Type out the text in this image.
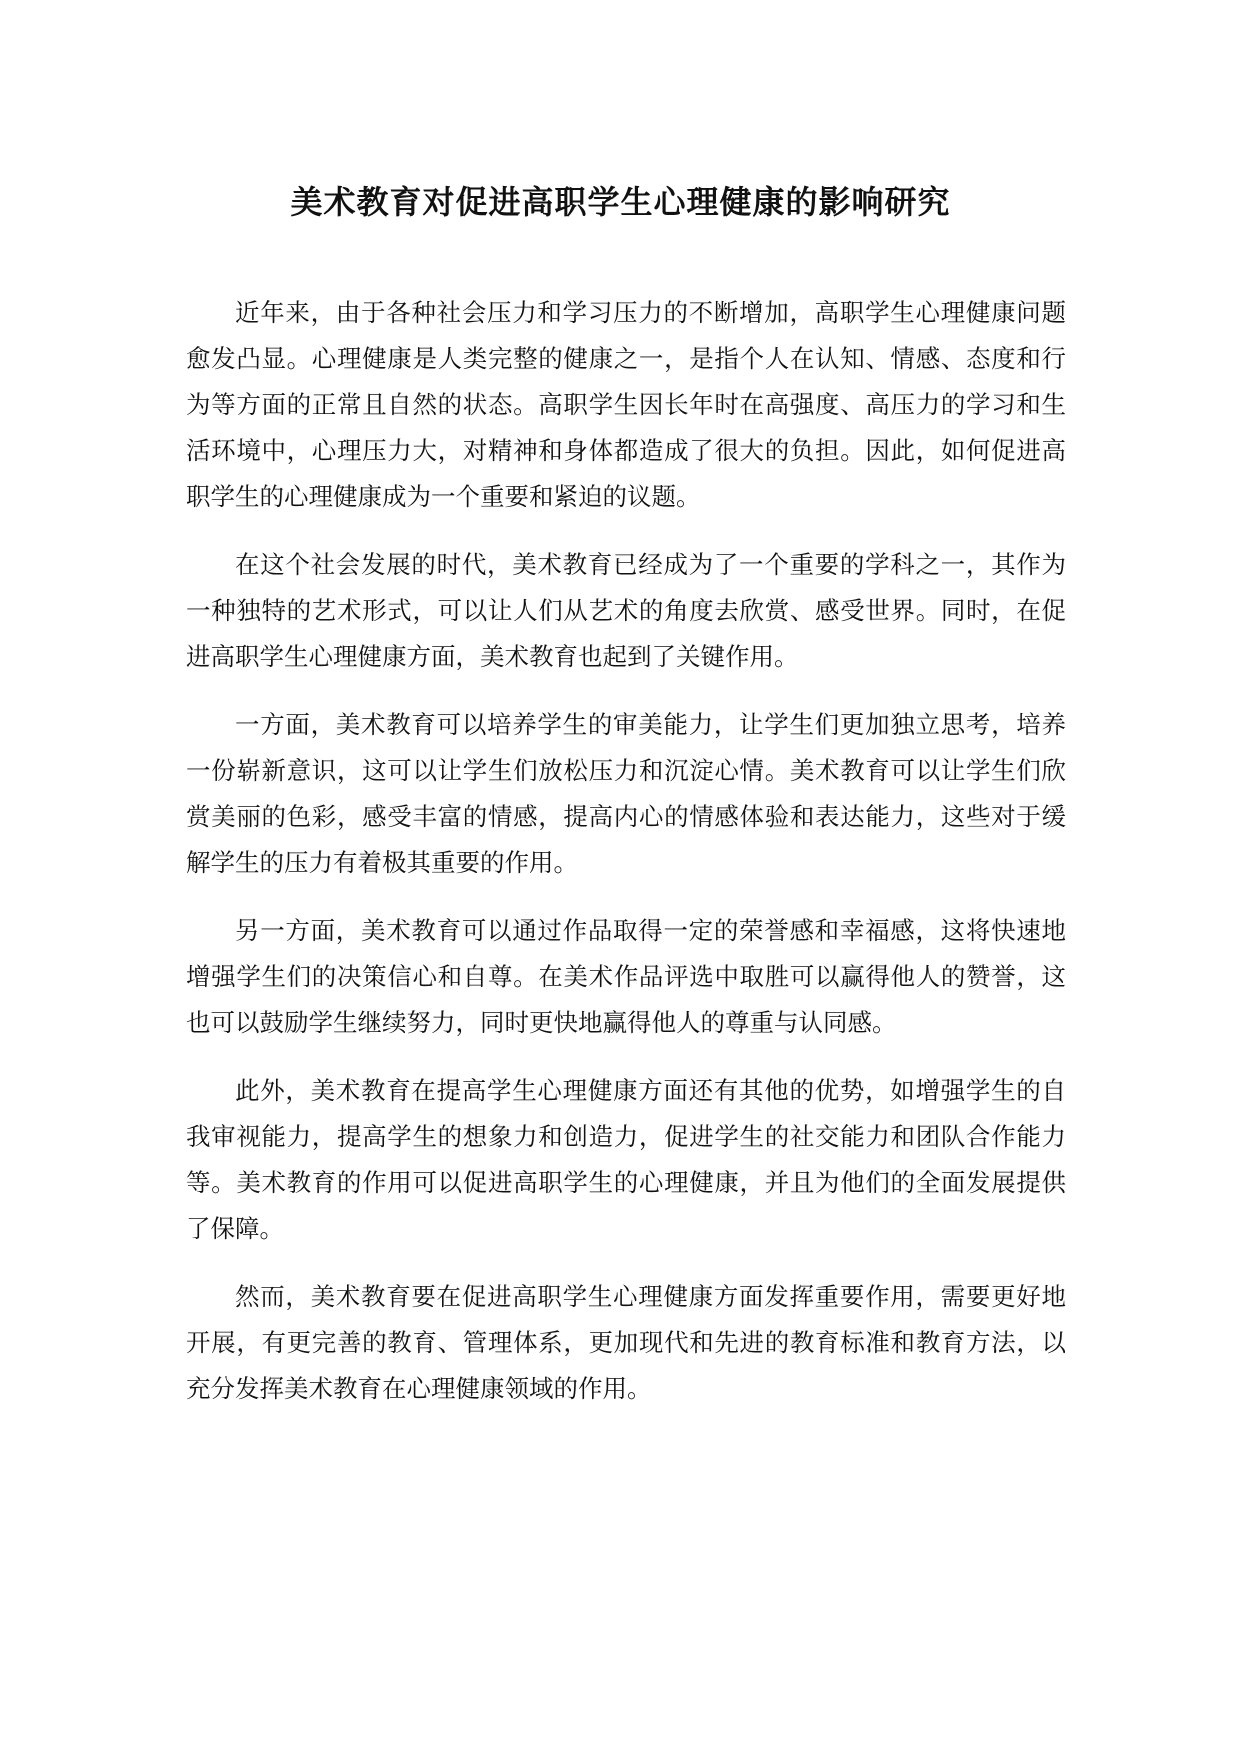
美术教育对促进高职学生心理健康的影响研究

近年来，由于各种社会压力和学习压力的不断增加，高职学生心理健康问题愈发凸显。心理健康是人类完整的健康之一，是指个人在认知、情感、态度和行为等方面的正常且自然的状态。高职学生因长年时在高强度、高压力的学习和生活环境中，心理压力大，对精神和身体都造成了很大的负担。因此，如何促进高职学生的心理健康成为一个重要和紧迫的议题。

在这个社会发展的时代，美术教育已经成为了一个重要的学科之一，其作为一种独特的艺术形式，可以让人们从艺术的角度去欣赏、感受世界。同时，在促进高职学生心理健康方面，美术教育也起到了关键作用。

一方面，美术教育可以培养学生的审美能力，让学生们更加独立思考，培养一份崭新意识，这可以让学生们放松压力和沉淀心情。美术教育可以让学生们欣赏美丽的色彩，感受丰富的情感，提高内心的情感体验和表达能力，这些对于缓解学生的压力有着极其重要的作用。

另一方面，美术教育可以通过作品取得一定的荣誉感和幸福感，这将快速地增强学生们的决策信心和自尊。在美术作品评选中取胜可以赢得他人的赞誉，这也可以鼓励学生继续努力，同时更快地赢得他人的尊重与认同感。

此外，美术教育在提高学生心理健康方面还有其他的优势，如增强学生的自我审视能力，提高学生的想象力和创造力，促进学生的社交能力和团队合作能力等。美术教育的作用可以促进高职学生的心理健康，并且为他们的全面发展提供了保障。

然而，美术教育要在促进高职学生心理健康方面发挥重要作用，需要更好地开展，有更完善的教育、管理体系，更加现代和先进的教育标准和教育方法，以充分发挥美术教育在心理健康领域的作用。
